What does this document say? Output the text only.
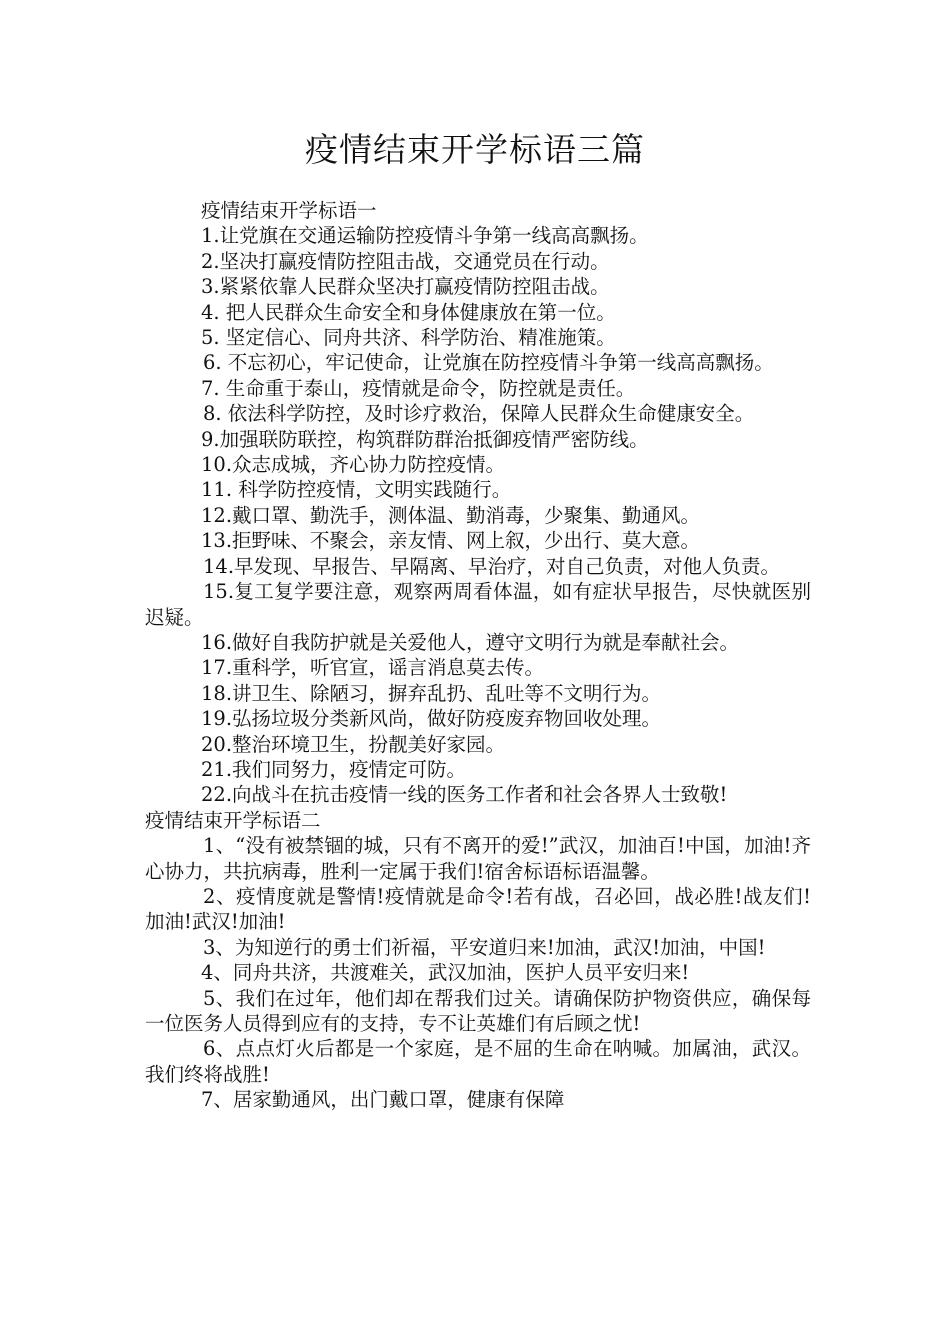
疫情结束开学标语三篇

疫情结束开学标语一

1.让党旗在交通运输防控疫情斗争第一线高高飘扬。

2.坚决打赢疫情防控阻击战，交通党员在行动。

3.紧紧依靠人民群众坚决打赢疫情防控阻击战。

4. 把人民群众生命安全和身体健康放在第一位。

5. 坚定信心、同舟共济、科学防治、精准施策。

6. 不忘初心，牢记使命，让党旗在防控疫情斗争第一线高高飘扬。

7. 生命重于泰山，疫情就是命令，防控就是责任。

8. 依法科学防控，及时诊疗救治，保障人民群众生命健康安全。

9.加强联防联控，构筑群防群治抵御疫情严密防线。

10.众志成城，齐心协力防控疫情。

11. 科学防控疫情，文明实践随行。

12.戴口罩、勤洗手，测体温、勤消毒，少聚集、勤通风。

13.拒野味、不聚会，亲友情、网上叙，少出行、莫大意。

14.早发现、早报告、早隔离、早治疗，对自己负责，对他人负责。

15.复工复学要注意，观察两周看体温，如有症状早报告，尽快就医别迟疑。

16.做好自我防护就是关爱他人，遵守文明行为就是奉献社会。

17.重科学，听官宣，谣言消息莫去传。

18.讲卫生、除陋习，摒弃乱扔、乱吐等不文明行为。

19.弘扬垃圾分类新风尚，做好防疫废弃物回收处理。

20.整治环境卫生，扮靓美好家园。

21.我们同努力，疫情定可防。

22.向战斗在抗击疫情一线的医务工作者和社会各界人士致敬!

疫情结束开学标语二

1、“没有被禁锢的城，只有不离开的爱!”武汉，加油百!中国，加油!齐心协力，共抗病毒，胜利一定属于我们!宿舍标语标语温馨。

2、疫情度就是警情!疫情就是命令!若有战，召必回，战必胜!战友们!加油!武汉!加油!

3、为知逆行的勇士们祈福，平安道归来!加油，武汉!加油，中国!

4、同舟共济，共渡难关，武汉加油，医护人员平安归来!

5、我们在过年，他们却在帮我们过关。请确保防护物资供应，确保每一位医务人员得到应有的支持，专不让英雄们有后顾之忧!

6、点点灯火后都是一个家庭，是不屈的生命在呐喊。加属油，武汉。我们终将战胜!

7、居家勤通风，出门戴口罩，健康有保障
